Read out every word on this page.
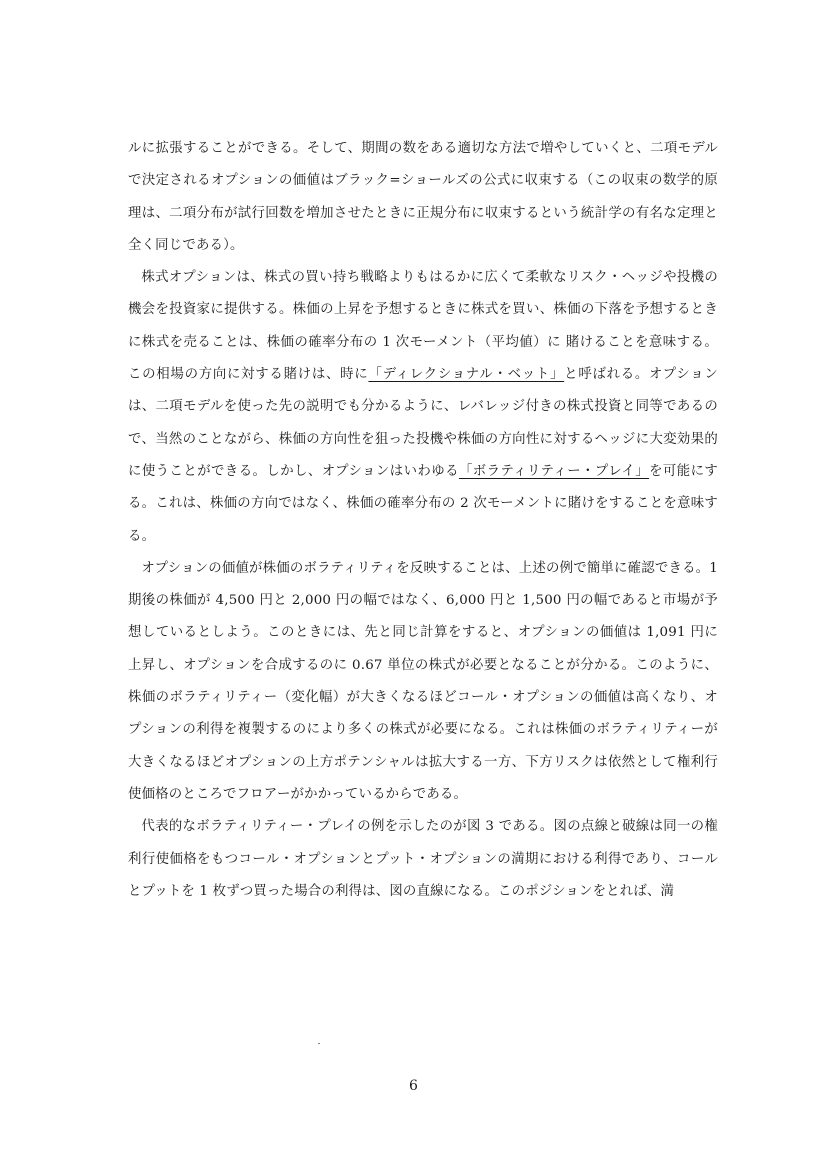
ルに拡張することができる。そして、期間の数をある適切な方法で増やしていくと、二項モデルで決定されるオプションの価値はブラック=ショールズの公式に収束する（この収束の数学的原理は、二項分布が試行回数を増加させたときに正規分布に収束するという統計学の有名な定理と全く同じである）。

株式オプションは、株式の買い持ち戦略よりもはるかに広くて柔軟なリスク・ヘッジや投機の機会を投資家に提供する。株価の上昇を予想するときに株式を買い、株価の下落を予想するときに株式を売ることは、株価の確率分布の 1 次モーメント（平均値）に 賭けることを意味する。この相場の方向に対する賭けは、時に「ディレクショナル・ベット」と呼ばれる。オプションは、二項モデルを使った先の説明でも分かるように、レバレッジ付きの株式投資と同等であるので、当然のことながら、株価の方向性を狙った投機や株価の方向性に対するヘッジに大変効果的に使うことができる。しかし、オプションはいわゆる「ボラティリティー・プレイ」を可能にする。これは、株価の方向ではなく、株価の確率分布の 2 次モーメントに賭けをすることを意味する。

オプションの価値が株価のボラティリティを反映することは、上述の例で簡単に確認できる。1 期後の株価が 4,500 円と 2,000 円の幅ではなく、6,000 円と 1,500 円の幅であると市場が予想しているとしよう。このときには、先と同じ計算をすると、オプションの価値は 1,091 円に上昇し、オプションを合成するのに 0.67 単位の株式が必要となることが分かる。このように、株価のボラティリティー（変化幅）が大きくなるほどコール・オプションの価値は高くなり、オプションの利得を複製するのにより多くの株式が必要になる。これは株価のボラティリティーが大きくなるほどオプションの上方ポテンシャルは拡大する一方、下方リスクは依然として権利行使価格のところでフロアーがかかっているからである。

代表的なボラティリティー・プレイの例を示したのが図 3 である。図の点線と破線は同一の権利行使価格をもつコール・オプションとプット・オプションの満期における利得であり、コールとプットを 1 枚ずつ買った場合の利得は、図の直線になる。このポジションをとれば、満

6
